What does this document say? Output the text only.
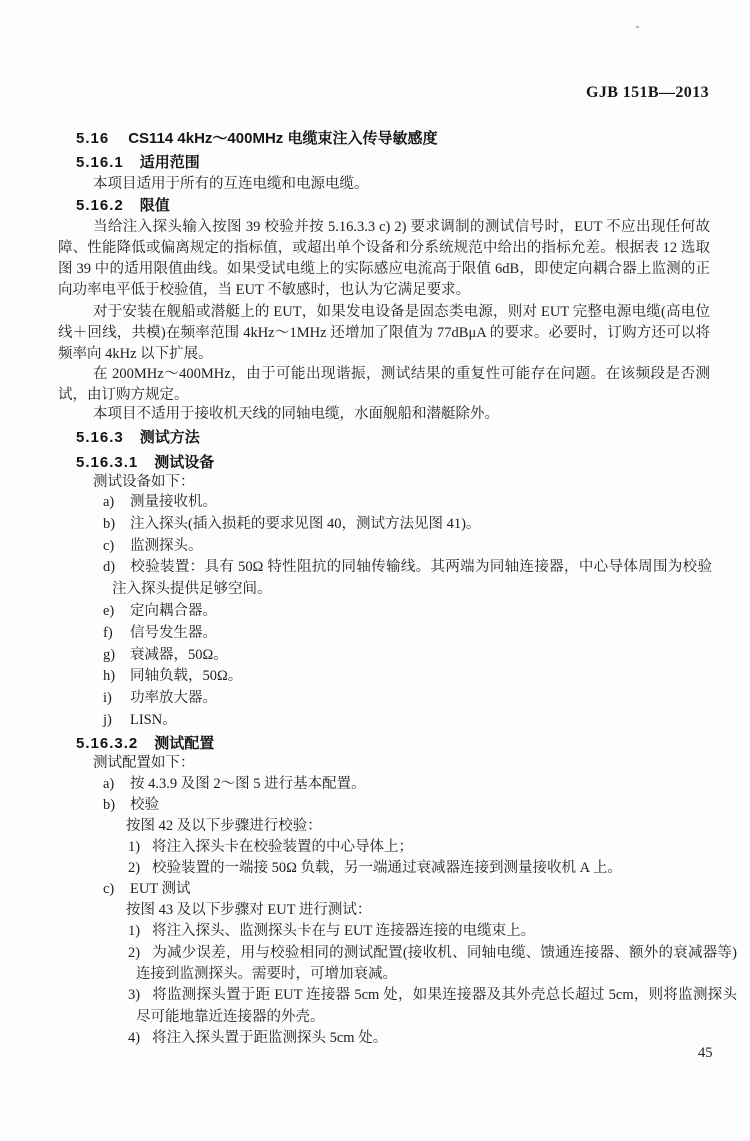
GJB 151B—2013
5.16 CS114 4kHz～400MHz 电缆束注入传导敏感度
5.16.1 适用范围

本项目适用于所有的互连电缆和电源电缆。

5.16.2 限值

当给注入探头输入按图 39 校验并按 5.16.3.3 c) 2) 要求调制的测试信号时，EUT 不应出现任何故障、性能降低或偏离规定的指标值，或超出单个设备和分系统规范中给出的指标允差。根据表 12 选取图 39 中的适用限值曲线。如果受试电缆上的实际感应电流高于限值 6dB，即使定向耦合器上监测的正向功率电平低于校验值，当 EUT 不敏感时，也认为它满足要求。

对于安装在舰船或潜艇上的 EUT，如果发电设备是固态类电源，则对 EUT 完整电源电缆(高电位线＋回线，共模)在频率范围 4kHz～1MHz 还增加了限值为 77dBμA 的要求。必要时，订购方还可以将频率向 4kHz 以下扩展。

在 200MHz～400MHz，由于可能出现谐振，测试结果的重复性可能存在问题。在该频段是否测试，由订购方规定。

本项目不适用于接收机天线的同轴电缆，水面舰船和潜艇除外。

5.16.3 测试方法
5.16.3.1 测试设备

测试设备如下：

a) 测量接收机。

b) 注入探头(插入损耗的要求见图 40，测试方法见图 41)。

c) 监测探头。

d) 校验装置：具有 50Ω 特性阻抗的同轴传输线。其两端为同轴连接器，中心导体周围为校验注入探头提供足够空间。

e) 定向耦合器。

f) 信号发生器。

g) 衰减器，50Ω。

h) 同轴负载，50Ω。

i) 功率放大器。

j) LISN。

5.16.3.2 测试配置

测试配置如下：

a) 按 4.3.9 及图 2～图 5 进行基本配置。

b) 校验

按图 42 及以下步骤进行校验：

1) 将注入探头卡在校验装置的中心导体上；

2) 校验装置的一端接 50Ω 负载，另一端通过衰减器连接到测量接收机 A 上。

c) EUT 测试

按图 43 及以下步骤对 EUT 进行测试：

1) 将注入探头、监测探头卡在与 EUT 连接器连接的电缆束上。

2) 为减少误差，用与校验相同的测试配置(接收机、同轴电缆、馈通连接器、额外的衰减器等)连接到监测探头。需要时，可增加衰减。

3) 将监测探头置于距 EUT 连接器 5cm 处，如果连接器及其外壳总长超过 5cm，则将监测探头尽可能地靠近连接器的外壳。

4) 将注入探头置于距监测探头 5cm 处。

45
